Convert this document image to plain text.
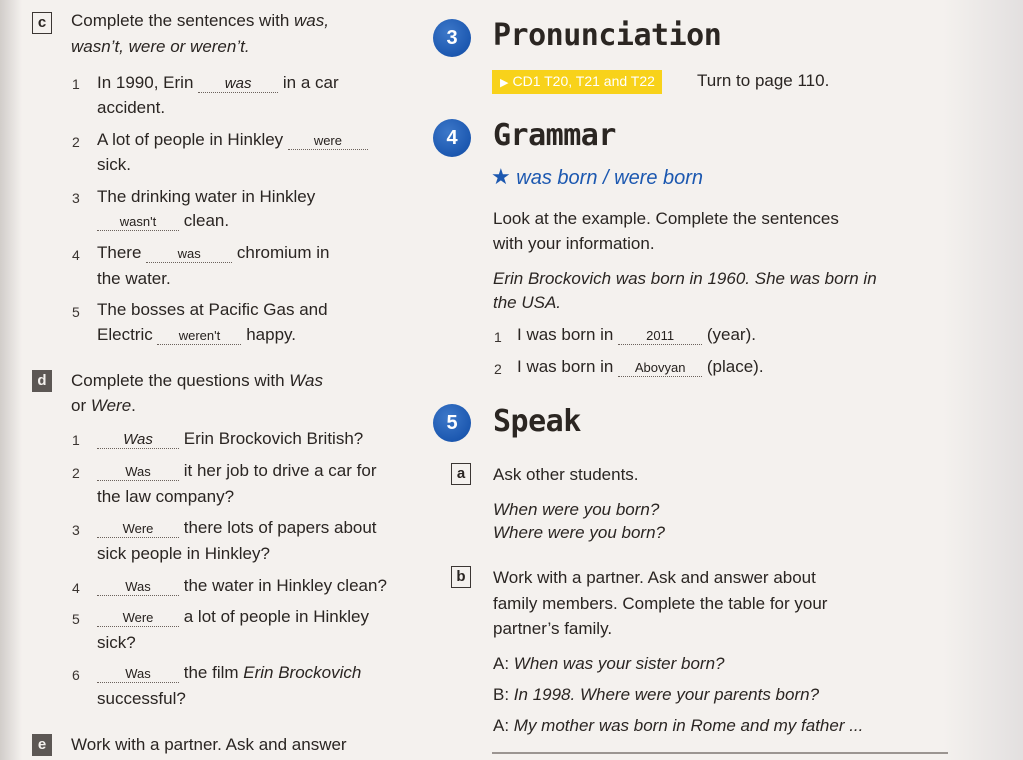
c	Complete the sentences with was,
wasn’t, were or weren’t.
1 In 1990, Erin was in a car
accident.
2 A lot of people in Hinkley were
sick.
3 The drinking water in Hinkley
wasn't clean.
4 There	was chromium in
the water.
5 The bosses at Pacific Gas and
Electric weren't happy.
d	Complete the questions with Was
or Were.
1	Was Erin Brockovich British?
2	Was it her job to drive a car for
the law company?
3	Were there lots of papers about
sick people in Hinkley?
4	Was the water in Hinkley clean?
5	Were a lot of people in Hinkley
sick?
6	Was the film Erin Brockovich
successful?
e	Work with a partner. Ask and answer
3	Pronunciation
▶ CD1 T20, T21 and T22	Turn to page 110.
4	Grammar
★ was born / were born
Look at the example. Complete the sentences
with your information.
Erin Brockovich was born in 1960. She was born in
the USA.
1 I was born in	2011 (year).
2 I was born in Abovyan (place).
5	Speak
a	Ask other students.
When were you born?
Where were you born?
b	Work with a partner. Ask and answer about
family members. Complete the table for your
partner’s family.
A: When was your sister born?
B: In 1998. Where were your parents born?
A: My mother was born in Rome and my father ...
